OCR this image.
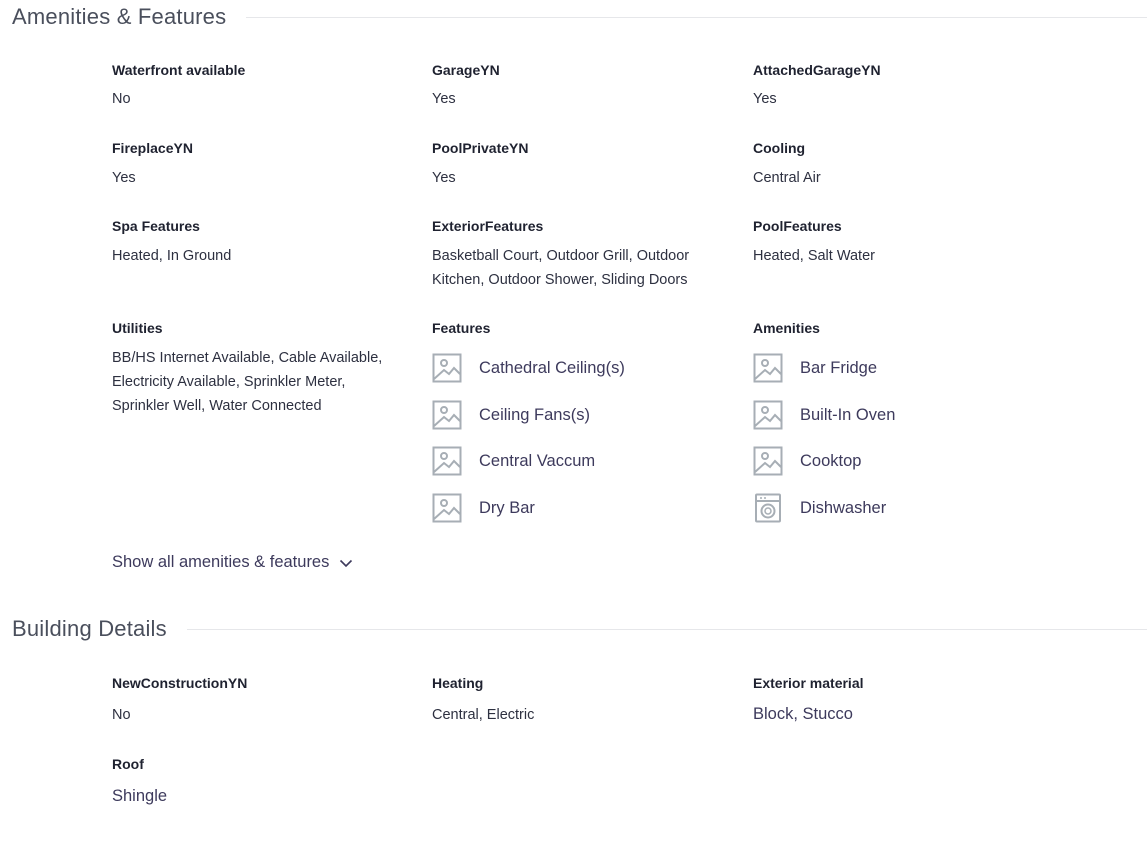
Amenities & Features
Waterfront available
No
GarageYN
Yes
AttachedGarageYN
Yes
FireplaceYN
Yes
PoolPrivateYN
Yes
Cooling
Central Air
Spa Features
Heated, In Ground
ExteriorFeatures
Basketball Court, Outdoor Grill, Outdoor Kitchen, Outdoor Shower, Sliding Doors
PoolFeatures
Heated, Salt Water
Utilities
BB/HS Internet Available, Cable Available, Electricity Available, Sprinkler Meter, Sprinkler Well, Water Connected
Features	Amenities
Cathedral Ceiling(s)
Ceiling Fans(s)
Central Vaccum
Dry Bar
Bar Fridge
Built-In Oven
Cooktop
Dishwasher
Show all amenities & features
Building Details
NewConstructionYN
No
Heating
Central, Electric
Exterior material
Block, Stucco
Roof
Shingle
